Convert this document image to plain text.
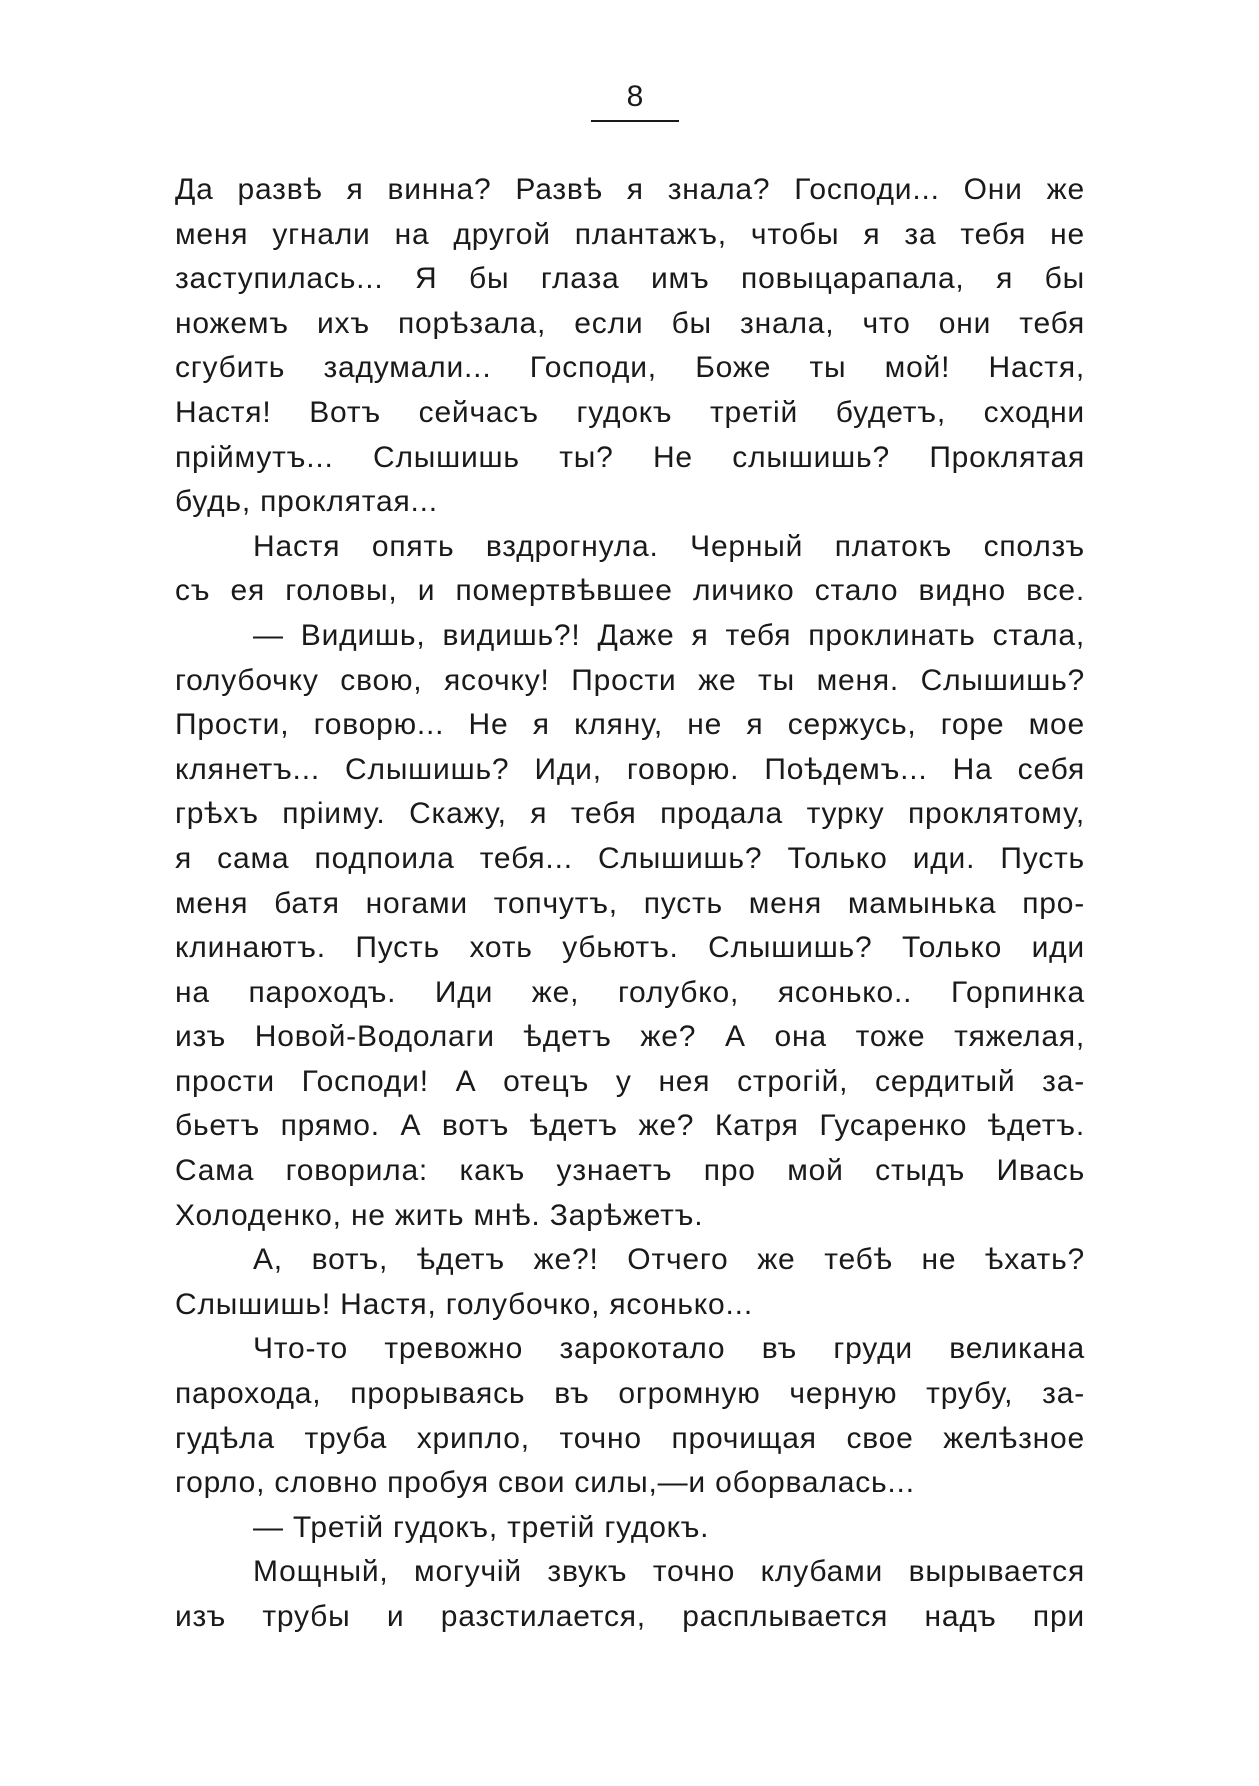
8
Да развѣ я винна? Развѣ я знала? Господи... Они же
меня угнали на другой плантажъ, чтобы я за тебя не
заступилась... Я бы глаза имъ повыцарапала, я бы
ножемъ ихъ порѣзала, если бы знала, что они тебя
сгубить задумали... Господи, Боже ты мой! Настя,
Настя! Вотъ сейчасъ гудокъ третій будетъ, сходни
пріймутъ... Слышишь ты? Не слышишь? Проклятая
будь, проклятая...
Настя опять вздрогнула. Черный платокъ сползъ
съ ея головы, и помертвѣвшее личико стало видно все.
— Видишь, видишь?! Даже я тебя проклинать стала,
голубочку свою, ясочку! Прости же ты меня. Слышишь?
Прости, говорю... Не я кляну, не я сержусь, горе мое
клянетъ... Слышишь? Иди, говорю. Поѣдемъ... На себя
грѣхъ пріиму. Скажу, я тебя продала турку проклятому,
я сама подпоила тебя... Слышишь? Только иди. Пусть
меня батя ногами топчутъ, пусть меня мамынька про-
клинаютъ. Пусть хоть убьютъ. Слышишь? Только иди
на пароходъ. Иди же, голубко, ясонько.. Горпинка
изъ Новой-Водолаги ѣдетъ же? А она тоже тяжелая,
прости Господи! А отецъ у нея строгій, сердитый за-
бьетъ прямо. А вотъ ѣдетъ же? Катря Гусаренко ѣдетъ.
Сама говорила: какъ узнаетъ про мой стыдъ Ивась
Холоденко, не жить мнѣ. Зарѣжетъ.
А, вотъ, ѣдетъ же?! Отчего же тебѣ не ѣхать?
Слышишь! Настя, голубочко, ясонько...
Что-то тревожно зарокотало въ груди великана
парохода, прорываясь въ огромную черную трубу, за-
гудѣла труба хрипло, точно прочищая свое желѣзное
горло, словно пробуя свои силы,—и оборвалась...
— Третій гудокъ, третій гудокъ.
Мощный, могучій звукъ точно клубами вырывается
изъ трубы и разстилается, расплывается надъ при
